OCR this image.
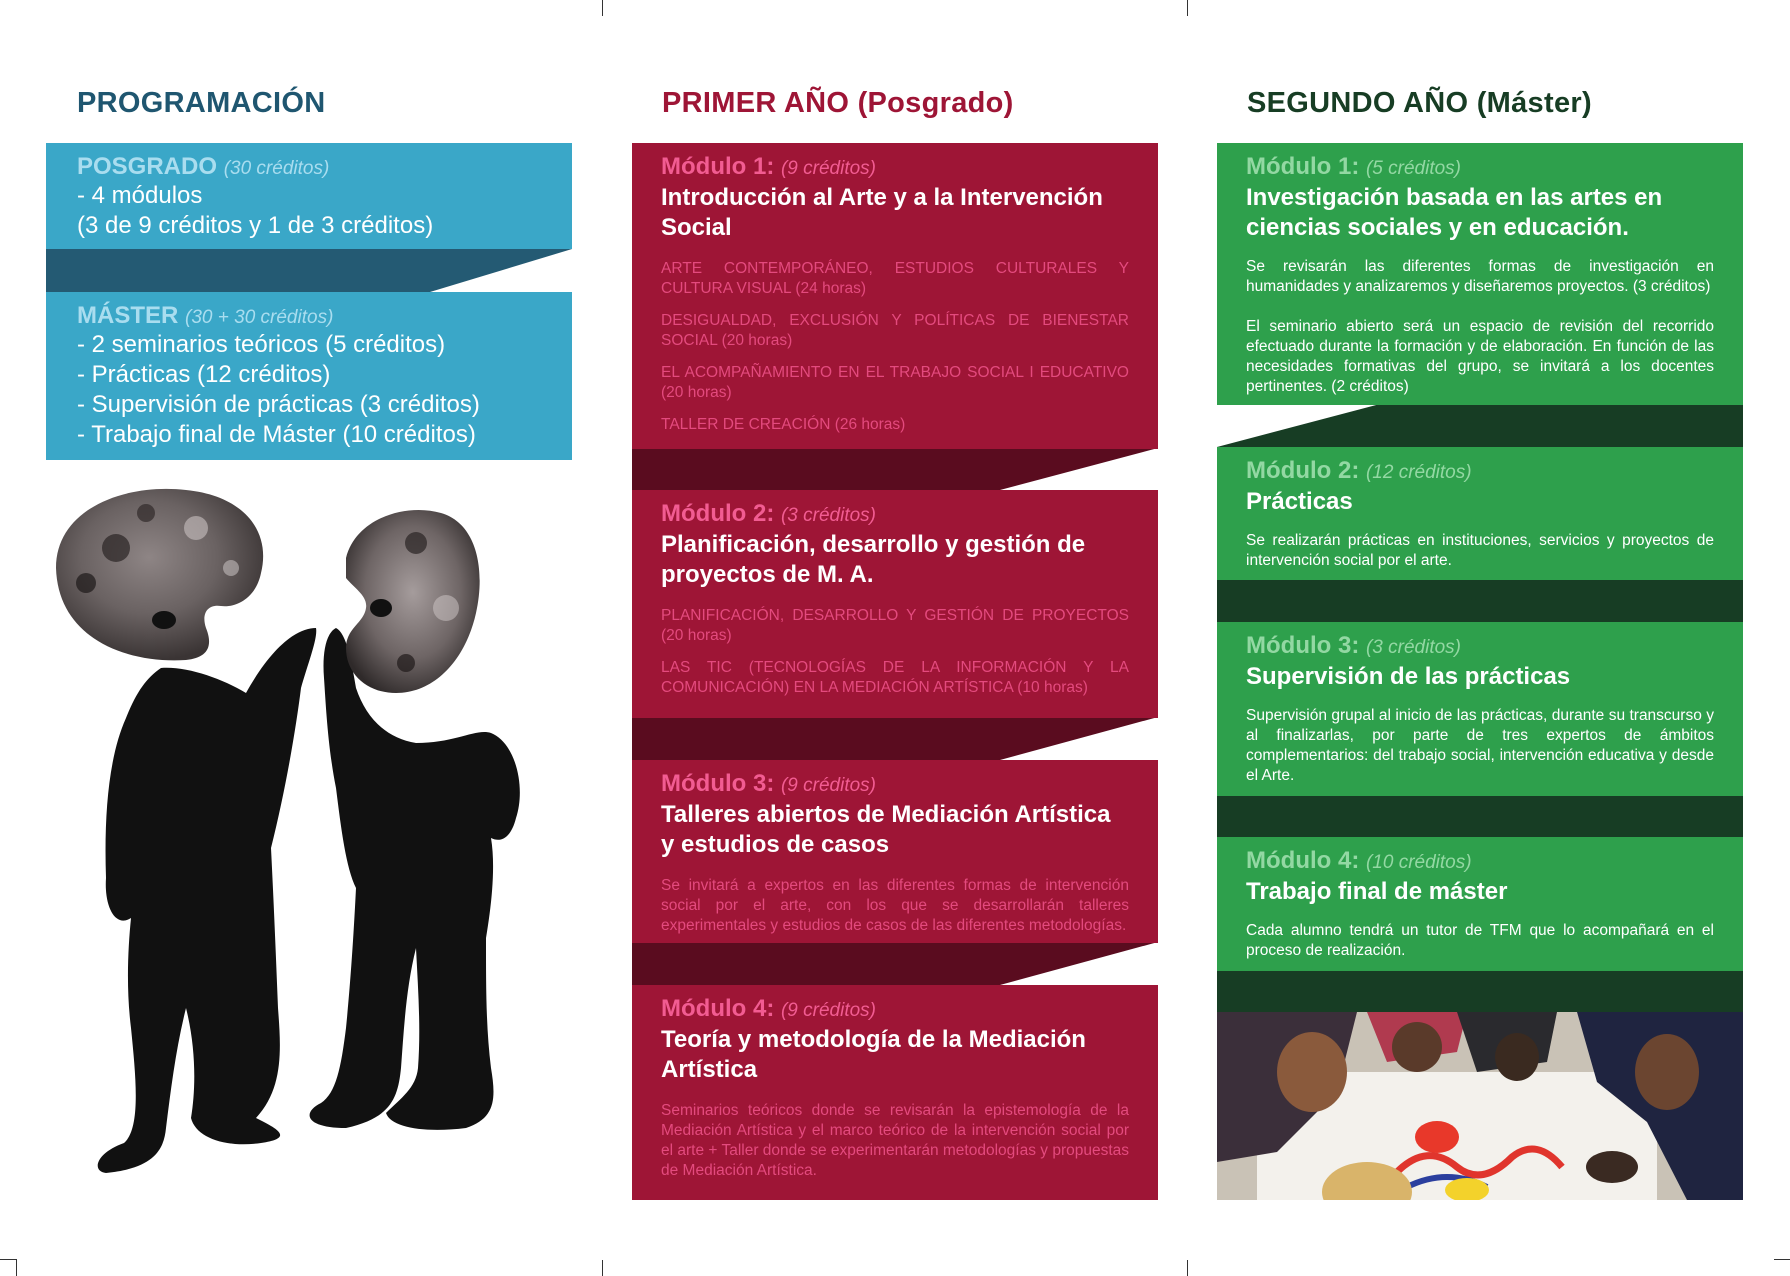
PROGRAMACIÓN
POSGRADO (30 créditos)
- 4 módulos
(3 de 9 créditos y 1 de 3 créditos)
MÁSTER (30 + 30 créditos)
- 2 seminarios teóricos (5 créditos)
- Prácticas (12 créditos)
- Supervisión de prácticas (3 créditos)
- Trabajo final de Máster (10 créditos)
PRIMER AÑO (Posgrado)
Módulo 1: (9 créditos)
Introducción al Arte y a la Intervención Social
ARTE CONTEMPORÁNEO, ESTUDIOS CULTURALES Y CULTURA VISUAL (24 horas)
DESIGUALDAD, EXCLUSIÓN Y POLÍTICAS DE BIENESTAR SOCIAL (20 horas)
EL ACOMPAÑAMIENTO EN EL TRABAJO SOCIAL I EDUCATIVO (20 horas)
TALLER DE CREACIÓN (26 horas)
Módulo 2: (3 créditos)
Planificación, desarrollo y gestión de proyectos de M. A.
PLANIFICACIÓN, DESARROLLO Y GESTIÓN DE PROYECTOS (20 horas)
LAS TIC (TECNOLOGÍAS DE LA INFORMACIÓN Y LA COMUNICACIÓN) EN LA MEDIACIÓN ARTÍSTICA (10 horas)
Módulo 3: (9 créditos)
Talleres abiertos de Mediación Artística y estudios de casos
Se invitará a expertos en las diferentes formas de intervención social por el arte, con los que se desarrollarán talleres experimentales y estudios de casos de las diferentes metodologías.
Módulo 4: (9 créditos)
Teoría y metodología de la Mediación Artística
Seminarios teóricos donde se revisarán la epistemología de la Mediación Artística y el marco teórico de la intervención social por el arte + Taller donde se experimentarán metodologías y propuestas de Mediación Artística.
SEGUNDO AÑO (Máster)
Módulo 1: (5 créditos)
Investigación basada en las artes en ciencias sociales y en educación.
Se revisarán las diferentes formas de investigación en humanidades y analizaremos y diseñaremos proyectos. (3 créditos)
El seminario abierto será un espacio de revisión del recorrido efectuado durante la formación y de elaboración. En función de las necesidades formativas del grupo, se invitará a los docentes pertinentes. (2 créditos)
Módulo 2: (12 créditos)
Prácticas
Se realizarán prácticas en instituciones, servicios y proyectos de intervención social por el arte.
Módulo 3: (3 créditos)
Supervisión de las prácticas
Supervisión grupal al inicio de las prácticas, durante su transcurso y al finalizarlas, por parte de tres expertos de ámbitos complementarios: del trabajo social, intervención educativa y desde el Arte.
Módulo 4: (10 créditos)
Trabajo final de máster
Cada alumno tendrá un tutor de TFM que lo acompañará en el proceso de realización.
